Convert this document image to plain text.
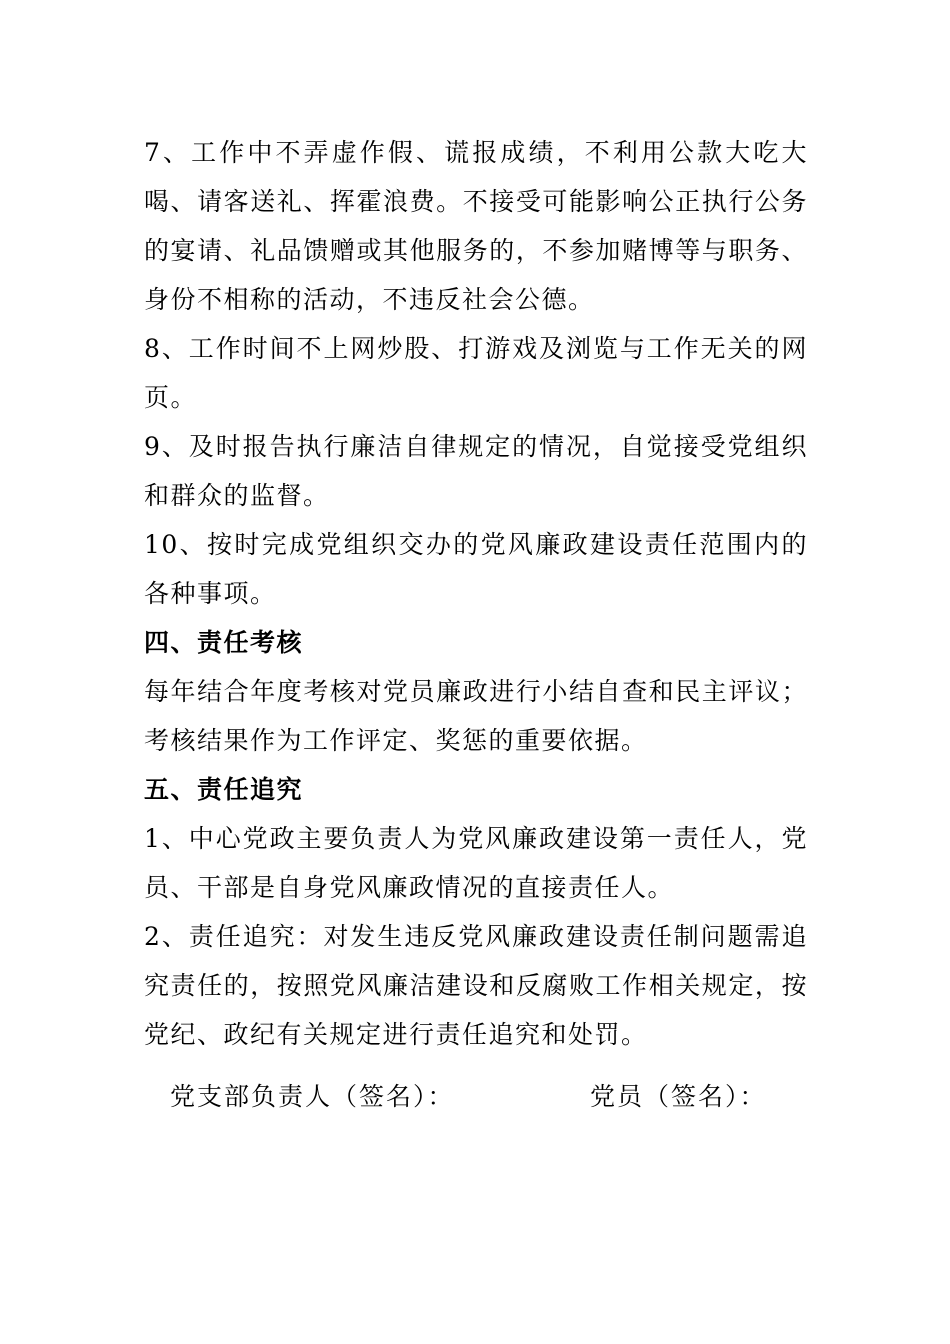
7、工作中不弄虚作假、谎报成绩，不利用公款大吃大喝、请客送礼、挥霍浪费。不接受可能影响公正执行公务的宴请、礼品馈赠或其他服务的，不参加赌博等与职务、身份不相称的活动，不违反社会公德。

8、工作时间不上网炒股、打游戏及浏览与工作无关的网页。

9、及时报告执行廉洁自律规定的情况，自觉接受党组织和群众的监督。

10、按时完成党组织交办的党风廉政建设责任范围内的各种事项。

四、责任考核

每年结合年度考核对党员廉政进行小结自查和民主评议；考核结果作为工作评定、奖惩的重要依据。

五、责任追究

1、中心党政主要负责人为党风廉政建设第一责任人，党员、干部是自身党风廉政情况的直接责任人。

2、责任追究：对发生违反党风廉政建设责任制问题需追究责任的，按照党风廉洁建设和反腐败工作相关规定，按党纪、政纪有关规定进行责任追究和处罚。

党支部负责人（签名）：	党员（签名）：
